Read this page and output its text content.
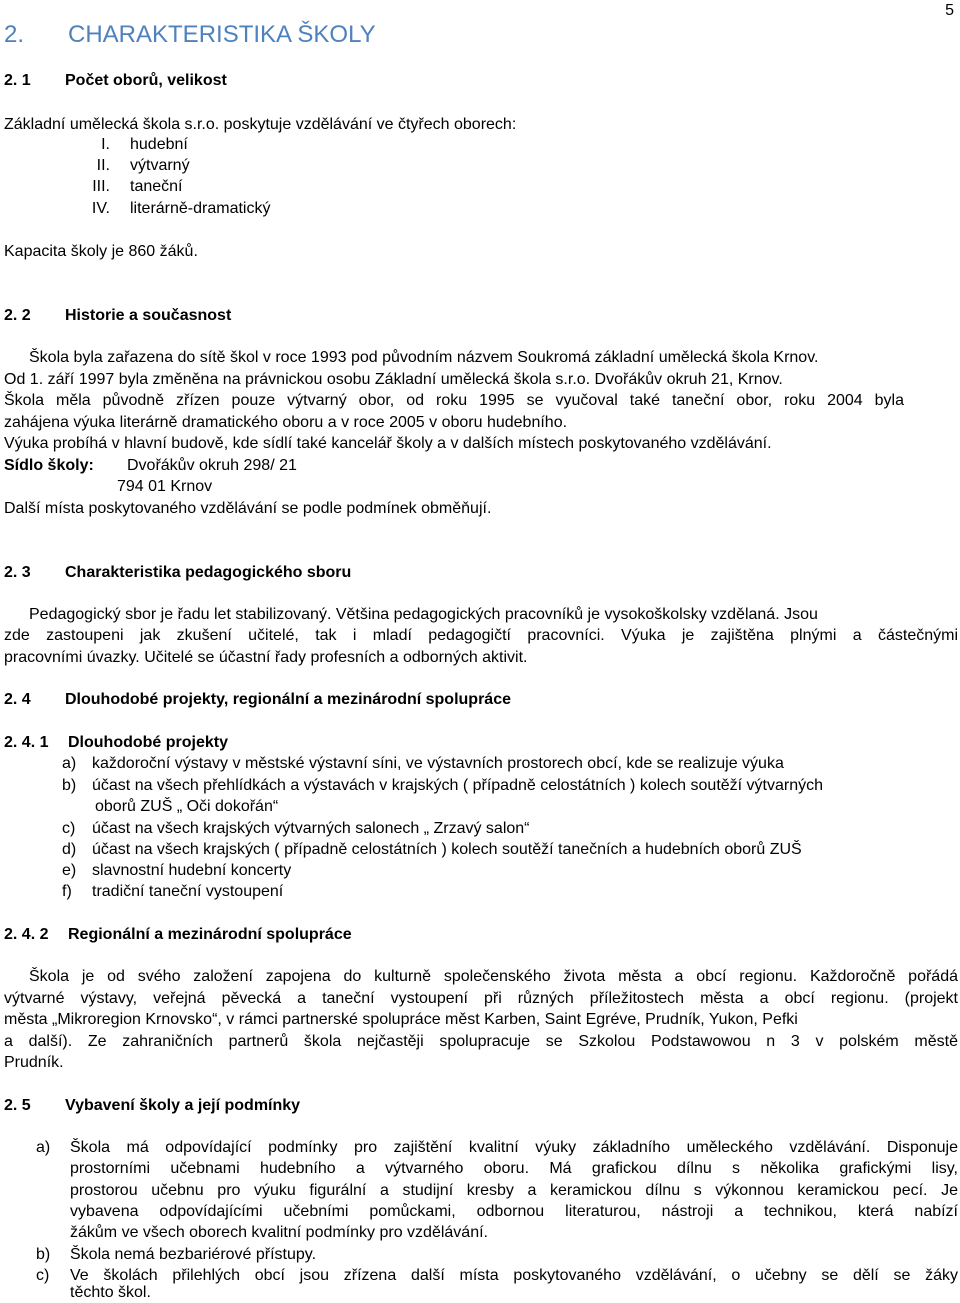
5
2. CHARAKTERISTIKA ŠKOLY
2. 1 Počet oborů, velikost
Základní umělecká škola s.r.o. poskytuje vzdělávání ve čtyřech oborech:
I. hudební
II. výtvarný
III. taneční
IV. literárně-dramatický
Kapacita školy je 860 žáků.
2. 2 Historie a současnost
Škola byla zařazena do sítě škol v roce 1993 pod původním názvem Soukromá základní umělecká škola Krnov.
Od 1. září 1997 byla změněna na právnickou osobu Základní umělecká škola s.r.o. Dvořákův okruh 21, Krnov.
Škola měla původně zřízen pouze výtvarný obor, od roku 1995 se vyučoval také taneční obor, roku 2004 byla
zahájena výuka literárně dramatického oboru a v roce 2005 v oboru hudebního.
Výuka probíhá v hlavní budově, kde sídlí také kancelář školy a v dalších místech poskytovaného vzdělávání.
Sídlo školy: Dvořákův okruh 298/ 21
794 01 Krnov
Další místa poskytovaného vzdělávání se podle podmínek obměňují.
2. 3 Charakteristika pedagogického sboru
Pedagogický sbor je řadu let stabilizovaný. Většina pedagogických pracovníků je vysokoškolsky vzdělaná. Jsou
zde zastoupeni jak zkušení učitelé, tak i mladí pedagogičtí pracovníci. Výuka je zajištěna plnými a částečnými
pracovními úvazky. Učitelé se účastní řady profesních a odborných aktivit.
2. 4 Dlouhodobé projekty, regionální a mezinárodní spolupráce
2. 4. 1 Dlouhodobé projekty
a) každoroční výstavy v městské výstavní síni, ve výstavních prostorech obcí, kde se realizuje výuka
b) účast na všech přehlídkách a výstavách v krajských ( případně celostátních ) kolech soutěží výtvarných
oborů ZUŠ „ Oči dokořán“
c) účast na všech krajských výtvarných salonech „ Zrzavý salon“
d) účast na všech krajských ( případně celostátních ) kolech soutěží tanečních a hudebních oborů ZUŠ
e) slavnostní hudební koncerty
f) tradiční taneční vystoupení
2. 4. 2 Regionální a mezinárodní spolupráce
Škola je od svého založení zapojena do kulturně společenského života města a obcí regionu. Každoročně pořádá
výtvarné výstavy, veřejná pěvecká a taneční vystoupení při různých příležitostech města a obcí regionu. (projekt
města „Mikroregion Krnovsko“, v rámci partnerské spolupráce měst Karben, Saint Egréve, Prudník, Yukon, Pefki
a další). Ze zahraničních partnerů škola nejčastěji spolupracuje se Szkolou Podstawowou n 3 v polském městě
Prudník.
2. 5 Vybavení školy a její podmínky
a) Škola má odpovídající podmínky pro zajištění kvalitní výuky základního uměleckého vzdělávání. Disponuje
prostorními učebnami hudebního a výtvarného oboru. Má grafickou dílnu s několika grafickými lisy,
prostorou učebnu pro výuku figurální a studijní kresby a keramickou dílnu s výkonnou keramickou pecí. Je
vybavena odpovídajícími učebními pomůckami, odbornou literaturou, nástroji a technikou, která nabízí
žákům ve všech oborech kvalitní podmínky pro vzdělávání.
b) Škola nemá bezbariérové přístupy.
c) Ve školách přilehlých obcí jsou zřízena další místa poskytovaného vzdělávání, o učebny se dělí se žáky
těchto škol.
